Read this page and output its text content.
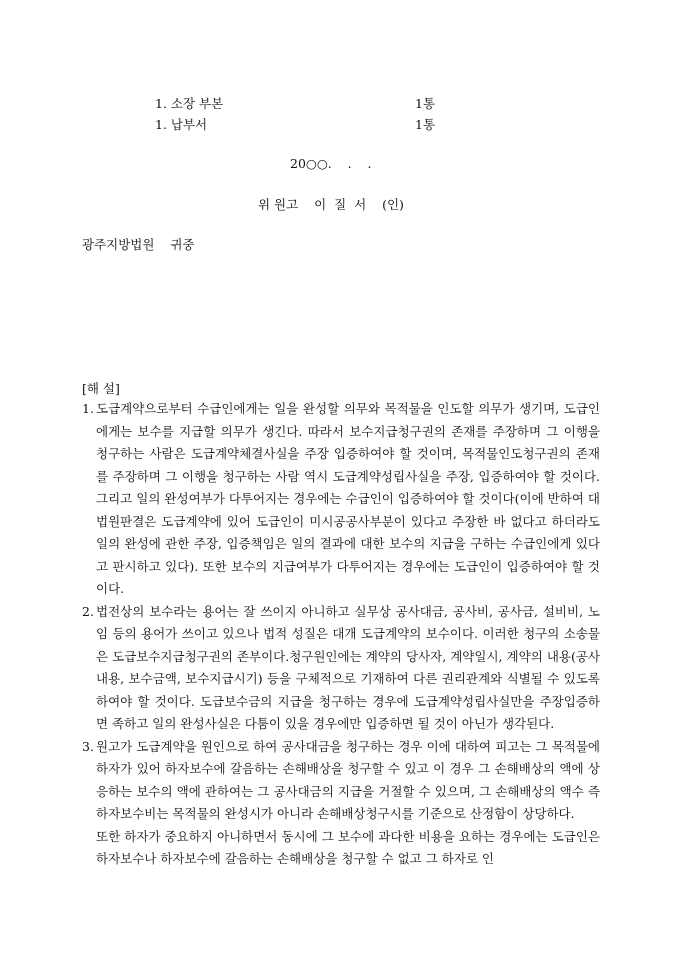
1. 소장 부본	1통
1. 납부서	1통
20○○.    .    .
위 원고    이  질  서    (인)
광주지방법원    귀중
[해 설]
1. 도급계약으로부터 수급인에게는 일을 완성할 의무와 목적물을 인도할 의무가 생기며, 도급인에게는 보수를 지급할 의무가 생긴다. 따라서 보수지급청구권의 존재를 주장하며 그 이행을 청구하는 사람은 도급계약체결사실을 주장 입증하여야 할 것이며, 목적물인도청구권의 존재를 주장하며 그 이행을 청구하는 사람 역시 도급계약성립사실을 주장, 입증하여야 할 것이다.그리고 일의 완성여부가 다투어지는 경우에는 수급인이 입증하여야 할 것이다(이에 반하여 대법원판결은 도급계약에 있어 도급인이 미시공공사부분이 있다고 주장한 바 없다고 하더라도 일의 완성에 관한 주장, 입증책임은 일의 결과에 대한 보수의 지급을 구하는 수급인에게 있다고 판시하고 있다). 또한 보수의 지급여부가 다투어지는 경우에는 도급인이 입증하여야 할 것이다.
2. 법전상의 보수라는 용어는 잘 쓰이지 아니하고 실무상 공사대금, 공사비, 공사금, 설비비, 노임 등의 용어가 쓰이고 있으나 법적 성질은 대개 도급계약의 보수이다. 이러한 청구의 소송물은 도급보수지급청구권의 존부이다.청구원인에는 계약의 당사자, 계약일시, 계약의 내용(공사내용, 보수금액, 보수지급시기) 등을 구체적으로 기재하여 다른 권리관계와 식별될 수 있도록 하여야 할 것이다. 도급보수금의 지급을 청구하는 경우에 도급계약성립사실만을 주장입증하면 족하고 일의 완성사실은 다툼이 있을 경우에만 입증하면 될 것이 아닌가 생각된다.
3. 원고가 도급계약을 원인으로 하여 공사대금을 청구하는 경우 이에 대하여 피고는 그 목적물에 하자가 있어 하자보수에 갈음하는 손해배상을 청구할 수 있고 이 경우 그 손해배상의 액에 상응하는 보수의 액에 관하여는 그 공사대금의 지급을 거절할 수 있으며, 그 손해배상의 액수 즉 하자보수비는 목적물의 완성시가 아니라 손해배상청구시를 기준으로 산정함이 상당하다.
또한 하자가 중요하지 아니하면서 동시에 그 보수에 과다한 비용을 요하는 경우에는 도급인은 하자보수나 하자보수에 갈음하는 손해배상을 청구할 수 없고 그 하자로 인
